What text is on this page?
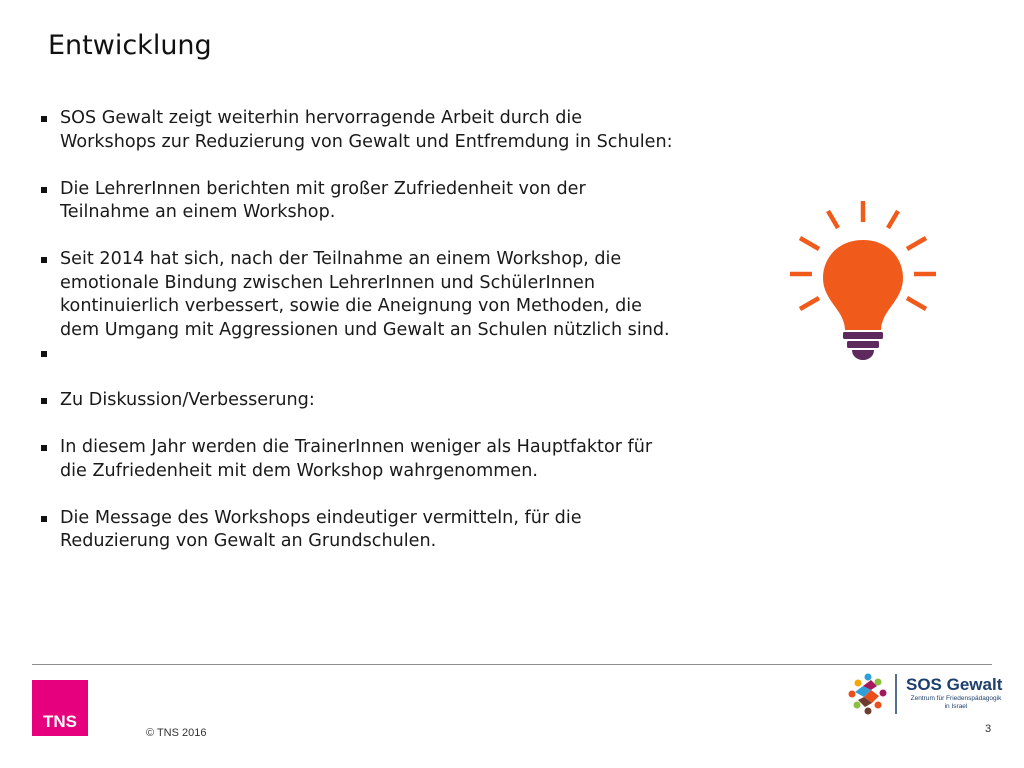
Entwicklung
SOS Gewalt zeigt weiterhin hervorragende Arbeit durch die
Workshops zur Reduzierung von Gewalt und Entfremdung in Schulen:
Die LehrerInnen berichten mit großer Zufriedenheit von der
Teilnahme an einem Workshop.
Seit 2014 hat sich, nach der Teilnahme an einem Workshop, die
emotionale Bindung zwischen LehrerInnen und SchülerInnen
kontinuierlich verbessert, sowie die Aneignung von Methoden, die
dem Umgang mit Aggressionen und Gewalt an Schulen nützlich sind.
Zu Diskussion/Verbesserung:
In diesem Jahr werden die TrainerInnen weniger als Hauptfaktor für
die Zufriedenheit mit dem Workshop wahrgenommen.
Die Message des Workshops eindeutiger vermitteln, für die
Reduzierung von Gewalt an Grundschulen.
TNS
© TNS 2016	3
SOS Gewalt
Zentrum für Friedenspädagogik
in Israel
